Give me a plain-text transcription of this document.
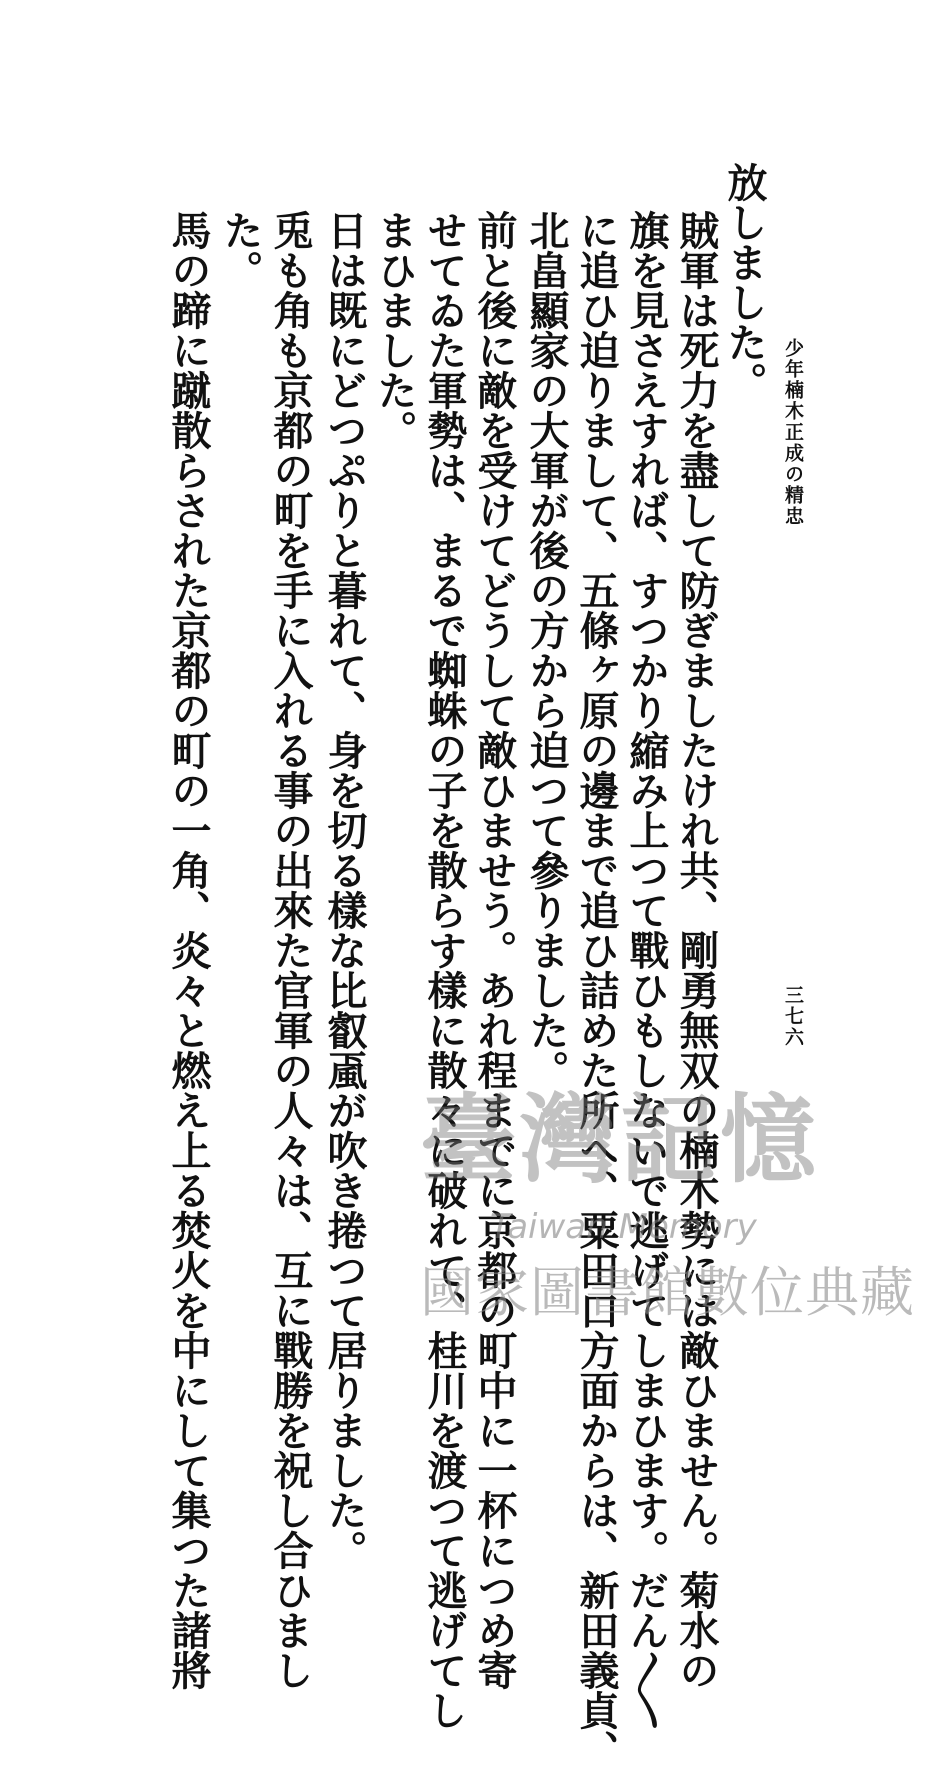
少年楠木正成の精忠
三七六
放しました。
賊軍は死力を盡して防ぎましたけれ共、剛勇無双の楠木勢には敵ひません。菊水の
旗を見さえすれば、すつかり縮み上つて戰ひもしないで逃げてしまひます。だん〳〵
に追ひ迫りまして、五條ヶ原の邊まで追ひ詰めた所へ、粟田口方面からは、新田義貞、
北畠顯家の大軍が後の方から迫つて參りました。
前と後に敵を受けてどうして敵ひませう。あれ程までに京都の町中に一杯につめ寄
せてゐた軍勢は、まるで蜘蛛の子を散らす樣に散々に破れて、桂川を渡つて逃げてし
まひました。
日は既にどつぷりと暮れて、身を切る樣な比叡颪が吹き捲つて居りました。
兎も角も京都の町を手に入れる事の出來た官軍の人々は、互に戰勝を祝し合ひまし
た。
馬の蹄に蹴散らされた京都の町の一角、炎々と燃え上る焚火を中にして集つた諸將 臺灣記憶
Taiwan Memory
國家圖書館數位典藏
